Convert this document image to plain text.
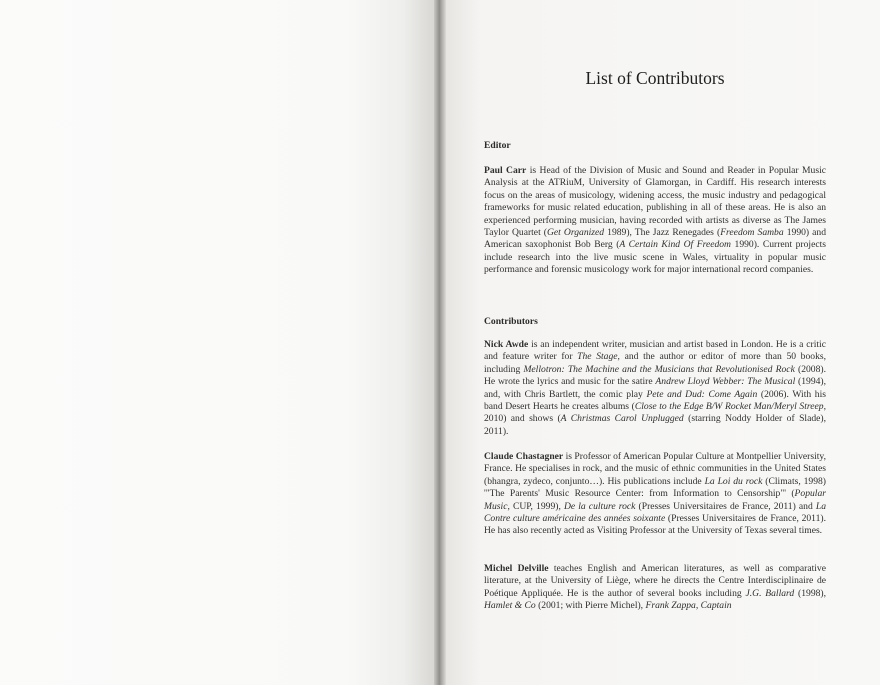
List of Contributors
Editor
Paul Carr is Head of the Division of Music and Sound and Reader in Popular Music Analysis at the ATRiuM, University of Glamorgan, in Cardiff. His research interests focus on the areas of musicology, widening access, the music industry and pedagogical frameworks for music related education, publishing in all of these areas. He is also an experienced performing musician, having recorded with artists as diverse as The James Taylor Quartet (Get Organized 1989), The Jazz Renegades (Freedom Samba 1990) and American saxophonist Bob Berg (A Certain Kind Of Freedom 1990). Current projects include research into the live music scene in Wales, virtuality in popular music performance and forensic musicology work for major international record companies.
Contributors
Nick Awde is an independent writer, musician and artist based in London. He is a critic and feature writer for The Stage, and the author or editor of more than 50 books, including Mellotron: The Machine and the Musicians that Revolutionised Rock (2008). He wrote the lyrics and music for the satire Andrew Lloyd Webber: The Musical (1994), and, with Chris Bartlett, the comic play Pete and Dud: Come Again (2006). With his band Desert Hearts he creates albums (Close to the Edge B/W Rocket Man/Meryl Streep, 2010) and shows (A Christmas Carol Unplugged (starring Noddy Holder of Slade), 2011).
Claude Chastagner is Professor of American Popular Culture at Montpellier University, France. He specialises in rock, and the music of ethnic communities in the United States (bhangra, zydeco, conjunto…). His publications include La Loi du rock (Climats, 1998) '"The Parents' Music Resource Center: from Information to Censorship"' (Popular Music, CUP, 1999), De la culture rock (Presses Universitaires de France, 2011) and La Contre culture américaine des années soixante (Presses Universitaires de France, 2011). He has also recently acted as Visiting Professor at the University of Texas several times.
Michel Delville teaches English and American literatures, as well as comparative literature, at the University of Liège, where he directs the Centre Interdisciplinaire de Poétique Appliquée. He is the author of several books including J.G. Ballard (1998), Hamlet & Co (2001; with Pierre Michel), Frank Zappa, Captain
